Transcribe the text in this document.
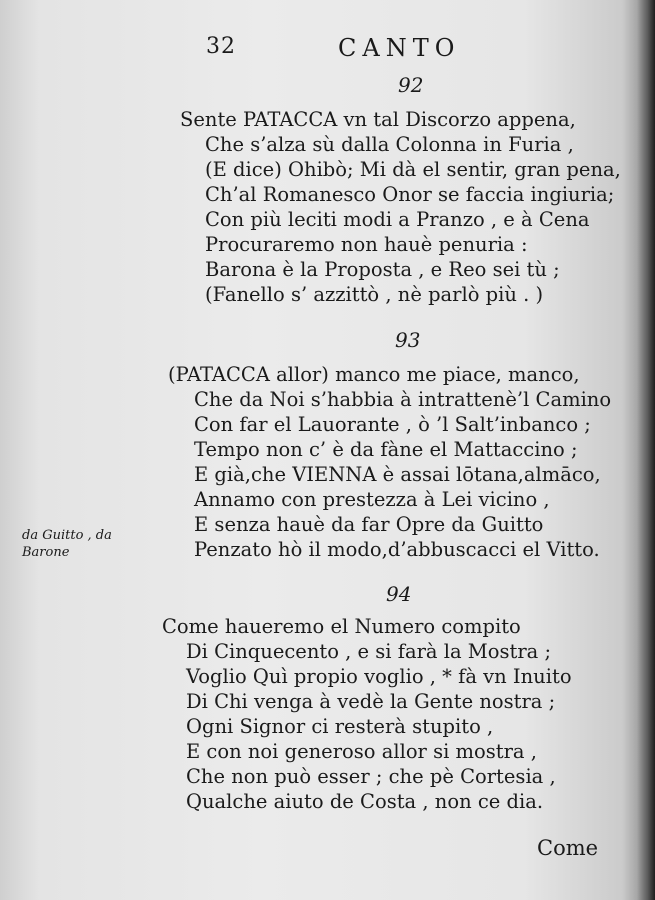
32	CANTO
92
Sente PATACCA vn tal Discorzo appena,
Che s’alza sù dalla Colonna in Furia ,
(E dice) Ohibò; Mi dà el sentir, gran pena,
Ch’al Romanesco Onor se faccia ingiuria;
Con più leciti modi a Pranzo , e à Cena
Procuraremo non hauè penuria :
Barona è la Proposta , e Reo sei tù ;
(Fanello s’ azzittò , nè parlò più . )
93
(PATACCA allor) manco me piace, manco,
Che da Noi s’habbia à intrattenè’l Camino
Con far el Lauorante , ò ’l Salt’inbanco ;
Tempo non c’ è da fàne el Mattaccino ;
E già,che VIENNA è assai lōtana,almāco,
Annamo con prestezza à Lei vicino ,
E senza hauè da far Opre da Guitto
Penzato hò il modo,d’abbuscacci el Vitto.
da Guitto , da
Barone
94
Come haueremo el Numero compito
Di Cinquecento , e si farà la Mostra ;
Voglio Quì propio voglio , * fà vn Inuito
Di Chi venga à vedè la Gente nostra ;
Ogni Signor ci resterà stupito ,
E con noi generoso allor si mostra ,
Che non può esser ; che pè Cortesia ,
Qualche aiuto de Costa , non ce dia.
Come
